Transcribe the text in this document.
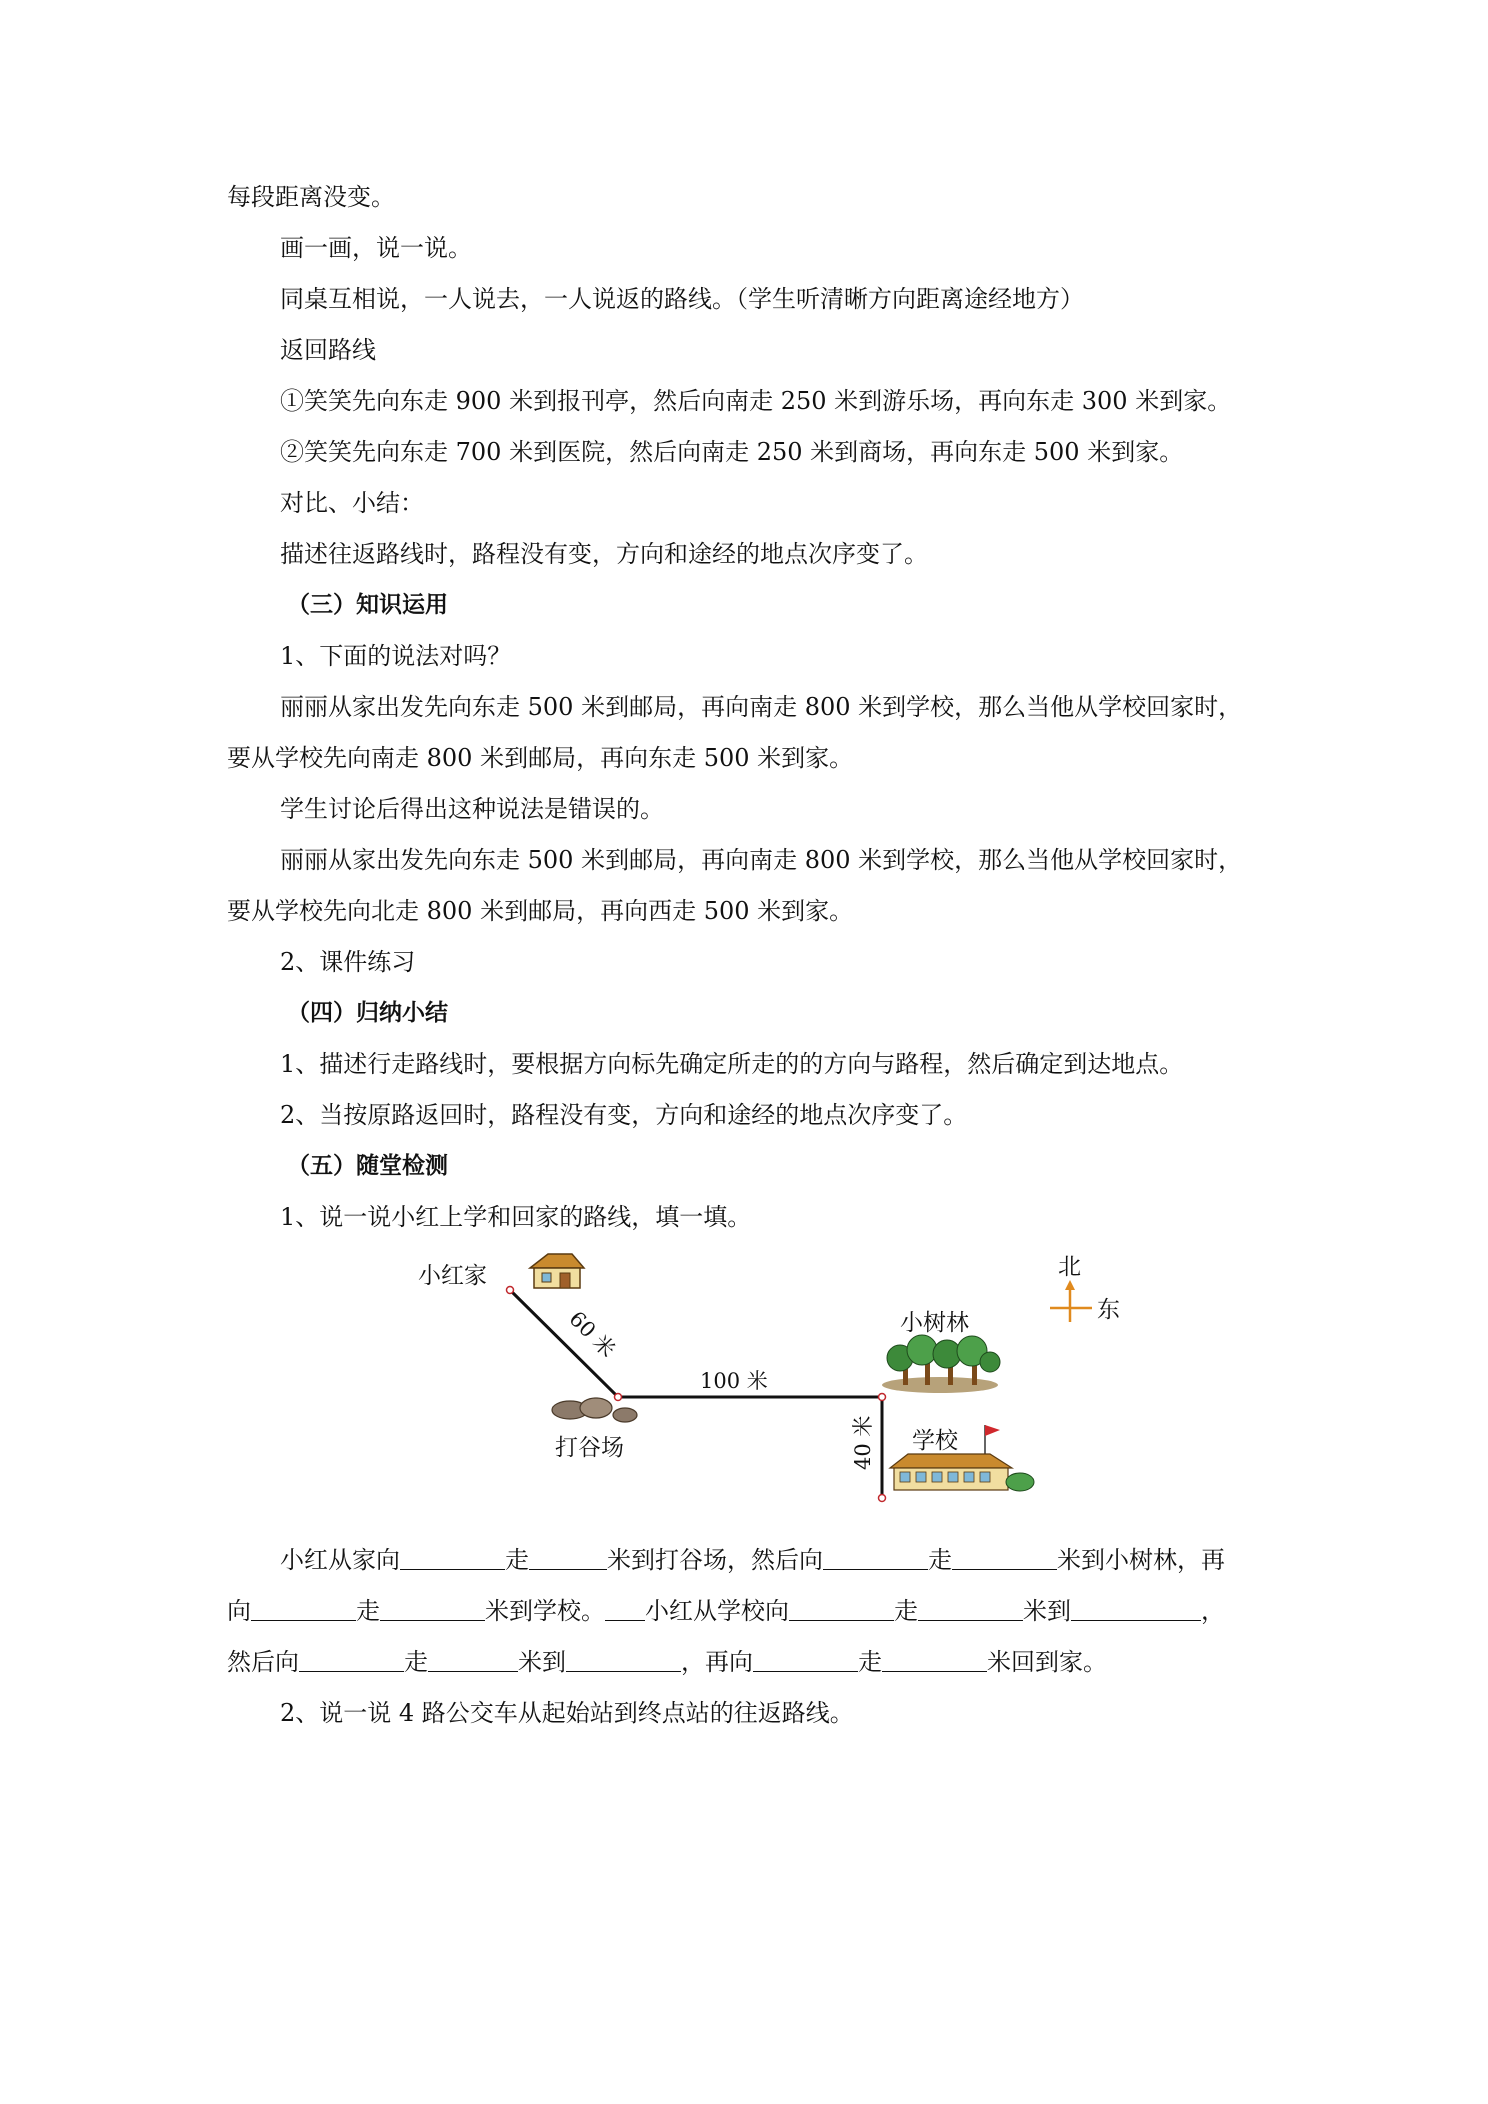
每段距离没变。
画一画，说一说。
同桌互相说，一人说去，一人说返的路线。（学生听清晰方向距离途经地方）
返回路线
①笑笑先向东走 900 米到报刊亭，然后向南走 250 米到游乐场，再向东走 300 米到家。
②笑笑先向东走 700 米到医院，然后向南走 250 米到商场，再向东走 500 米到家。
对比、小结：
描述往返路线时，路程没有变，方向和途经的地点次序变了。
（三）知识运用
1、下面的说法对吗？
丽丽从家出发先向东走 500 米到邮局，再向南走 800 米到学校，那么当他从学校回家时，
要从学校先向南走 800 米到邮局，再向东走 500 米到家。
学生讨论后得出这种说法是错误的。
丽丽从家出发先向东走 500 米到邮局，再向南走 800 米到学校，那么当他从学校回家时，
要从学校先向北走 800 米到邮局，再向西走 500 米到家。
2、课件练习
（四）归纳小结
1、描述行走路线时，要根据方向标先确定所走的的方向与路程，然后确定到达地点。
2、当按原路返回时，路程没有变，方向和途经的地点次序变了。
（五）随堂检测
1、说一说小红上学和回家的路线，填一填。
小红家
打谷场
小树林
学校
北
东
60 米
100 米
40 米
小红从家向	走	米到打谷场，然后向	走	米到小树林，再
向	走	米到学校。 小红从学校向	走	米到	，
然后向	走	米到	，再向	走	米回到家。
2、说一说 4 路公交车从起始站到终点站的往返路线。
